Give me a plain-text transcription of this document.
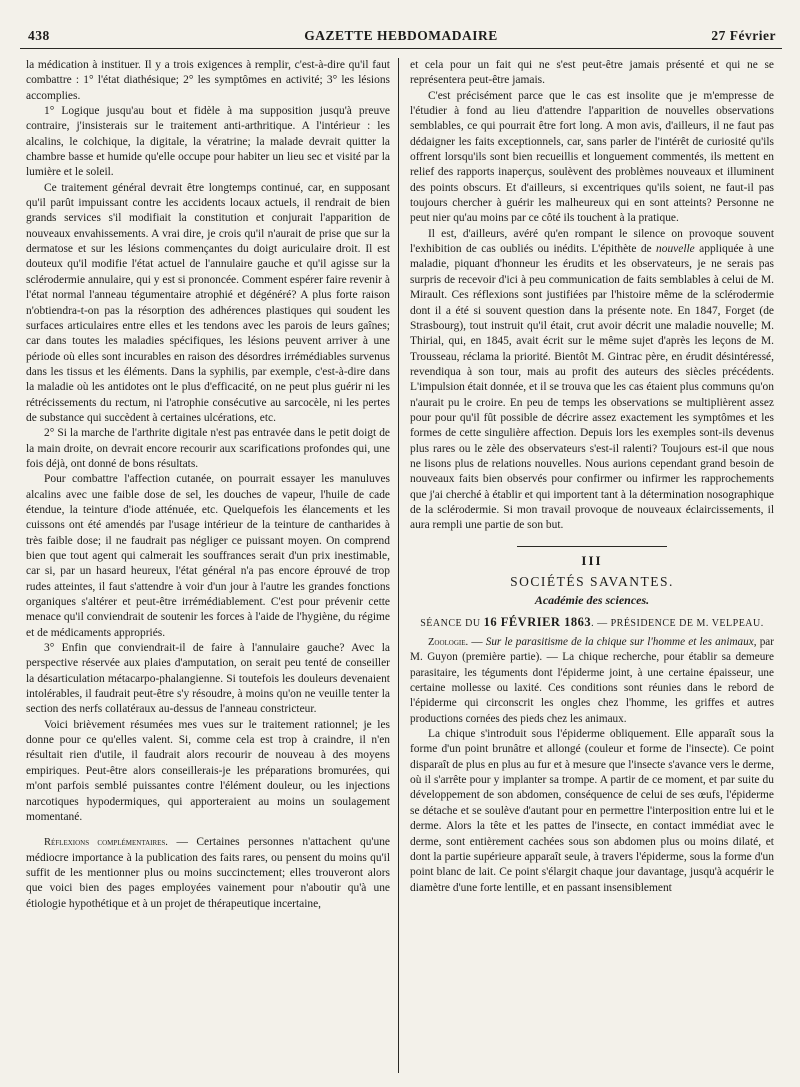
438	GAZETTE HEBDOMADAIRE	27 Février

la médication à instituer. Il y a trois exigences à remplir, c'est-à-dire qu'il faut combattre : 1° l'état diathésique; 2° les symptômes en activité; 3° les lésions accomplies.

1° Logique jusqu'au bout et fidèle à ma supposition jusqu'à preuve contraire, j'insisterais sur le traitement anti-arthritique. A l'intérieur : les alcalins, le colchique, la digitale, la vératrine; la malade devrait quitter la chambre basse et humide qu'elle occupe pour habiter un lieu sec et visité par la lumière et le soleil.

Ce traitement général devrait être longtemps continué, car, en supposant qu'il parût impuissant contre les accidents locaux actuels, il rendrait de bien grands services s'il modifiait la constitution et conjurait l'apparition de nouveaux envahissements. A vrai dire, je crois qu'il n'aurait de prise que sur la dermatose et sur les lésions commençantes du doigt auriculaire droit. Il est douteux qu'il modifie l'état actuel de l'annulaire gauche et qu'il agisse sur la sclérodermie annulaire, qui y est si prononcée. Comment espérer faire revenir à l'état normal l'anneau tégumentaire atrophié et dégénéré? A plus forte raison n'obtiendra-t-on pas la résorption des adhérences plastiques qui soudent les surfaces articulaires entre elles et les tendons avec les parois de leurs gaînes; car dans toutes les maladies spécifiques, les lésions peuvent arriver à une période où elles sont incurables en raison des désordres irrémédiables survenus dans les tissus et les éléments. Dans la syphilis, par exemple, c'est-à-dire dans la maladie où les antidotes ont le plus d'efficacité, on ne peut plus guérir ni les rétrécissements du rectum, ni l'atrophie consécutive au sarcocèle, ni les pertes de substance qui succèdent à certaines ulcérations, etc.

2° Si la marche de l'arthrite digitale n'est pas entravée dans le petit doigt de la main droite, on devrait encore recourir aux scarifications profondes qui, une fois déjà, ont donné de bons résultats.

Pour combattre l'affection cutanée, on pourrait essayer les manuluves alcalins avec une faible dose de sel, les douches de vapeur, l'huile de cade étendue, la teinture d'iode atténuée, etc. Quelquefois les élancements et les cuissons ont été amendés par l'usage intérieur de la teinture de cantharides à très faible dose; il ne faudrait pas négliger ce puissant moyen. On comprend bien que tout agent qui calmerait les souffrances serait d'un prix inestimable, car si, par un hasard heureux, l'état général n'a pas encore éprouvé de trop rudes atteintes, il faut s'attendre à voir d'un jour à l'autre les grandes fonctions organiques s'altérer et peut-être irrémédiablement. C'est pour prévenir cette menace qu'il conviendrait de soutenir les forces à l'aide de l'hygiène, du régime et de médicaments appropriés.

3° Enfin que conviendrait-il de faire à l'annulaire gauche? Avec la perspective réservée aux plaies d'amputation, on serait peu tenté de conseiller la désarticulation métacarpo-phalangienne. Si toutefois les douleurs devenaient intolérables, il faudrait peut-être s'y résoudre, à moins qu'on ne veuille tenter la section des nerfs collatéraux au-dessus de l'anneau constricteur.

Voici brièvement résumées mes vues sur le traitement rationnel; je les donne pour ce qu'elles valent. Si, comme cela est trop à craindre, il n'en résultait rien d'utile, il faudrait alors recourir de nouveau à des moyens empiriques. Peut-être alors conseillerais-je les préparations bromurées, qui m'ont parfois semblé puissantes contre l'élément douleur, ou les injections narcotiques hypodermiques, qui apporteraient au moins un soulagement momentané.

Réflexions complémentaires. — Certaines personnes n'attachent qu'une médiocre importance à la publication des faits rares, ou pensent du moins qu'il suffit de les mentionner plus ou moins succinctement; elles trouveront alors que voici bien des pages employées vainement pour n'aboutir qu'à une étiologie hypothétique et à un projet de thérapeutique incertaine,

et cela pour un fait qui ne s'est peut-être jamais présenté et qui ne se représentera peut-être jamais.

C'est précisément parce que le cas est insolite que je m'empresse de l'étudier à fond au lieu d'attendre l'apparition de nouvelles observations semblables, ce qui pourrait être fort long. A mon avis, d'ailleurs, il ne faut pas dédaigner les faits exceptionnels, car, sans parler de l'intérêt de curiosité qu'ils offrent lorsqu'ils sont bien recueillis et longuement commentés, ils mettent en relief des rapports inaperçus, soulèvent des problèmes nouveaux et illuminent des points obscurs. Et d'ailleurs, si excentriques qu'ils soient, ne faut-il pas toujours chercher à guérir les malheureux qui en sont atteints? Personne ne peut nier qu'au moins par ce côté ils touchent à la pratique.

Il est, d'ailleurs, avéré qu'en rompant le silence on provoque souvent l'exhibition de cas oubliés ou inédits. L'épithète de nouvelle appliquée à une maladie, piquant d'honneur les érudits et les observateurs, je ne serais pas surpris de recevoir d'ici à peu communication de faits semblables à celui de M. Mirault. Ces réflexions sont justifiées par l'histoire même de la sclérodermie dont il a été si souvent question dans la présente note. En 1847, Forget (de Strasbourg), tout instruit qu'il était, crut avoir décrit une maladie nouvelle; M. Thirial, qui, en 1845, avait écrit sur le même sujet d'après les leçons de M. Trousseau, réclama la priorité. Bientôt M. Gintrac père, en érudit désintéressé, revendiqua à son tour, mais au profit des auteurs des siècles précédents. L'impulsion était donnée, et il se trouva que les cas étaient plus communs qu'on n'aurait pu le croire. En peu de temps les observations se multiplièrent assez pour pour qu'il fût possible de décrire assez exactement les symptômes et les formes de cette singulière affection. Depuis lors les exemples sont-ils devenus plus rares ou le zèle des observateurs s'est-il ralenti? Toujours est-il que nous ne lisons plus de relations nouvelles. Nous aurions cependant grand besoin de nouveaux faits bien observés pour confirmer ou infirmer les rapprochements que j'ai cherché à établir et qui importent tant à la détermination nosographique de la sclérodermie. Si mon travail provoque de nouveaux éclaircissements, il aura rempli une partie de son but.

III

SOCIÉTÉS SAVANTES.

Académie des sciences.

SÉANCE DU 16 FÉVRIER 1863. — PRÉSIDENCE DE M. VELPEAU.

Zoologie. — Sur le parasitisme de la chique sur l'homme et les animaux, par M. Guyon (première partie). — La chique recherche, pour établir sa demeure parasitaire, les téguments dont l'épiderme joint, à une certaine épaisseur, une certaine mollesse ou laxité. Ces conditions sont réunies dans le rebord de l'épiderme qui circonscrit les ongles chez l'homme, les griffes et autres productions cornées des pieds chez les animaux.

La chique s'introduit sous l'épiderme obliquement. Elle apparaît sous la forme d'un point brunâtre et allongé (couleur et forme de l'insecte). Ce point disparaît de plus en plus au fur et à mesure que l'insecte s'avance vers le derme, où il s'arrête pour y implanter sa trompe. A partir de ce moment, et par suite du développement de son abdomen, conséquence de celui de ses œufs, l'épiderme se détache et se soulève d'autant pour en permettre l'interposition entre lui et le derme. Alors la tête et les pattes de l'insecte, en contact immédiat avec le derme, sont entièrement cachées sous son abdomen plus ou moins dilaté, et dont la partie supérieure apparaît seule, à travers l'épiderme, sous la forme d'un point blanc de lait. Ce point s'élargit chaque jour davantage, jusqu'à acquérir le diamètre d'une forte lentille, et en passant insensiblement
